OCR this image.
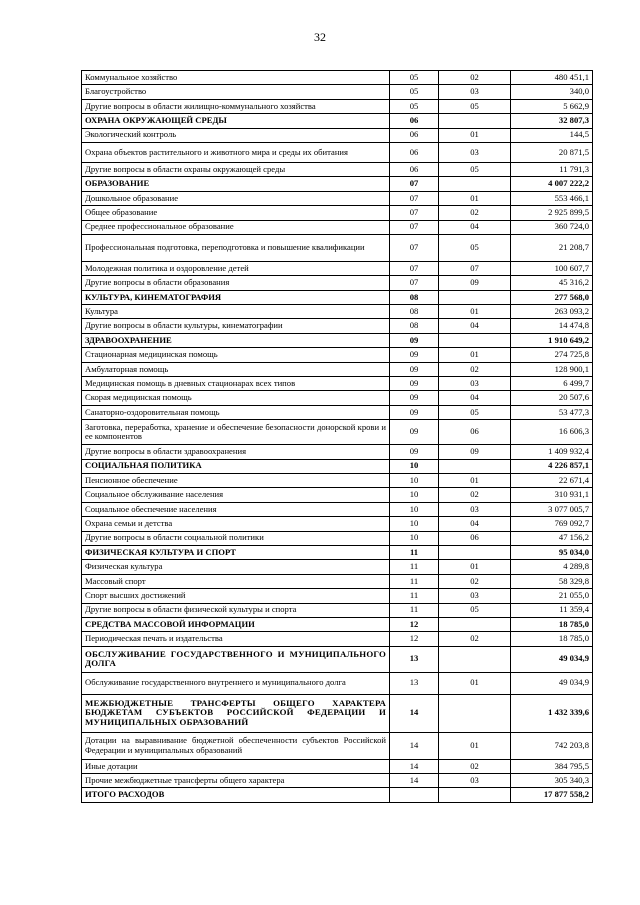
32
Коммунальное хозяйство	05	02	480 451,1
Благоустройство	05	03	340,0
Другие вопросы в области жилищно-коммунального хозяйства	05	05	5 662,9
ОХРАНА ОКРУЖАЮЩЕЙ СРЕДЫ	06		32 807,3
Экологический контроль	06	01	144,5
Охрана объектов растительного и животного мира и среды их обитания	06	03	20 871,5
Другие вопросы в области охраны окружающей среды	06	05	11 791,3
ОБРАЗОВАНИЕ	07		4 007 222,2
Дошкольное образование	07	01	553 466,1
Общее образование	07	02	2 925 899,5
Среднее профессиональное образование	07	04	360 724,0
Профессиональная подготовка, переподготовка и повышение квалификации	07	05	21 208,7
Молодежная политика и оздоровление детей	07	07	100 607,7
Другие вопросы в области образования	07	09	45 316,2
КУЛЬТУРА, КИНЕМАТОГРАФИЯ	08		277 568,0
Культура	08	01	263 093,2
Другие вопросы в области культуры, кинематографии	08	04	14 474,8
ЗДРАВООХРАНЕНИЕ	09		1 910 649,2
Стационарная медицинская помощь	09	01	274 725,8
Амбулаторная помощь	09	02	128 900,1
Медицинская помощь в дневных стационарах всех типов	09	03	6 499,7
Скорая медицинская помощь	09	04	20 507,6
Санаторно-оздоровительная помощь	09	05	53 477,3
Заготовка, переработка, хранение и обеспечение безопасности донорской крови и ее компонентов	09	06	16 606,3
Другие вопросы в области здравоохранения	09	09	1 409 932,4
СОЦИАЛЬНАЯ ПОЛИТИКА	10		4 226 857,1
Пенсионное обеспечение	10	01	22 671,4
Социальное обслуживание населения	10	02	310 931,1
Социальное обеспечение населения	10	03	3 077 005,7
Охрана семьи и детства	10	04	769 092,7
Другие вопросы в области социальной политики	10	06	47 156,2
ФИЗИЧЕСКАЯ КУЛЬТУРА И СПОРТ	11		95 034,0
Физическая культура	11	01	4 289,8
Массовый спорт	11	02	58 329,8
Спорт высших достижений	11	03	21 055,0
Другие вопросы в области физической культуры и спорта	11	05	11 359,4
СРЕДСТВА МАССОВОЙ ИНФОРМАЦИИ	12		18 785,0
Периодическая печать и издательства	12	02	18 785,0
ОБСЛУЖИВАНИЕ ГОСУДАРСТВЕННОГО И МУНИЦИПАЛЬНОГО ДОЛГА	13		49 034,9
Обслуживание государственного внутреннего и муниципального долга	13	01	49 034,9
МЕЖБЮДЖЕТНЫЕ ТРАНСФЕРТЫ ОБЩЕГО ХАРАКТЕРА БЮДЖЕТАМ СУБЪЕКТОВ РОССИЙСКОЙ ФЕДЕРАЦИИ И МУНИЦИПАЛЬНЫХ ОБРАЗОВАНИЙ	14		1 432 339,6
Дотации на выравнивание бюджетной обеспеченности субъектов Российской Федерации и муниципальных образований	14	01	742 203,8
Иные дотации	14	02	384 795,5
Прочие межбюджетные трансферты общего характера	14	03	305 340,3
ИТОГО РАСХОДОВ			17 877 558,2
